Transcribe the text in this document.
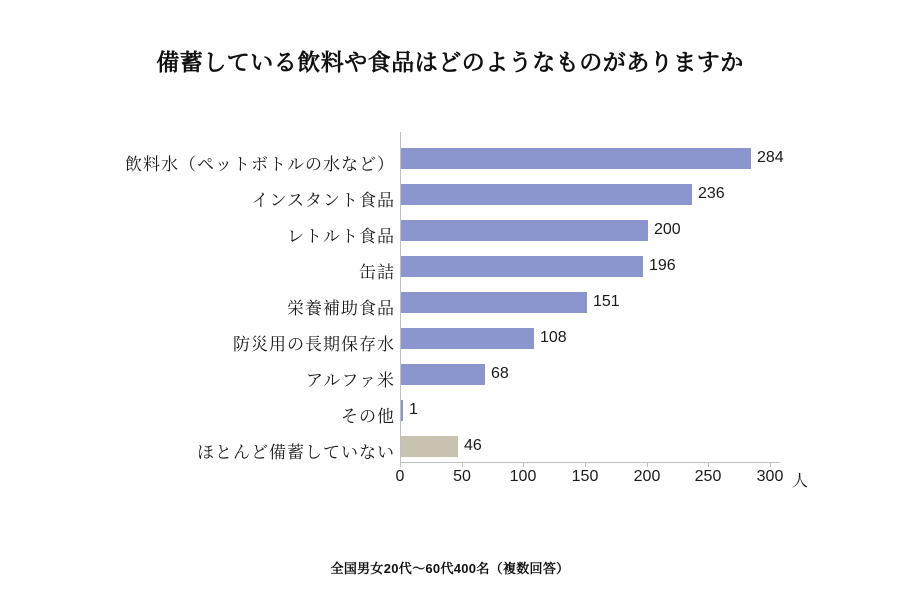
備蓄している飲料や食品はどのようなものがありますか
飲料水（ペットボトルの水など）
インスタント食品
レトルト食品
缶詰
栄養補助食品
防災用の長期保存水
アルファ米
その他
ほとんど備蓄していない
284
236
200
196
151
108
68
1
46
0	50 100 150 200 250 300 人
全国男女20代～60代400名（複数回答）
